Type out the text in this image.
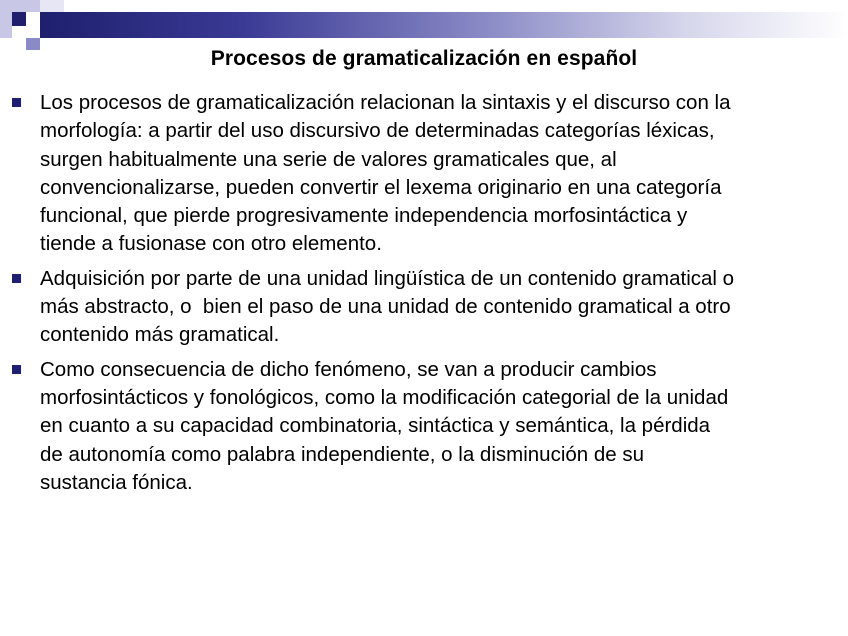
Procesos de gramaticalización en español
Los procesos de gramaticalización relacionan la sintaxis y el discurso con la
morfología: a partir del uso discursivo de determinadas categorías léxicas,
surgen habitualmente una serie de valores gramaticales que, al
convencionalizarse, pueden convertir el lexema originario en una categoría
funcional, que pierde progresivamente independencia morfosintáctica y
tiende a fusionase con otro elemento.
Adquisición por parte de una unidad lingüística de un contenido gramatical o
más abstracto, o  bien el paso de una unidad de contenido gramatical a otro
contenido más gramatical.
Como consecuencia de dicho fenómeno, se van a producir cambios
morfosintácticos y fonológicos, como la modificación categorial de la unidad
en cuanto a su capacidad combinatoria, sintáctica y semántica, la pérdida
de autonomía como palabra independiente, o la disminución de su
sustancia fónica.
